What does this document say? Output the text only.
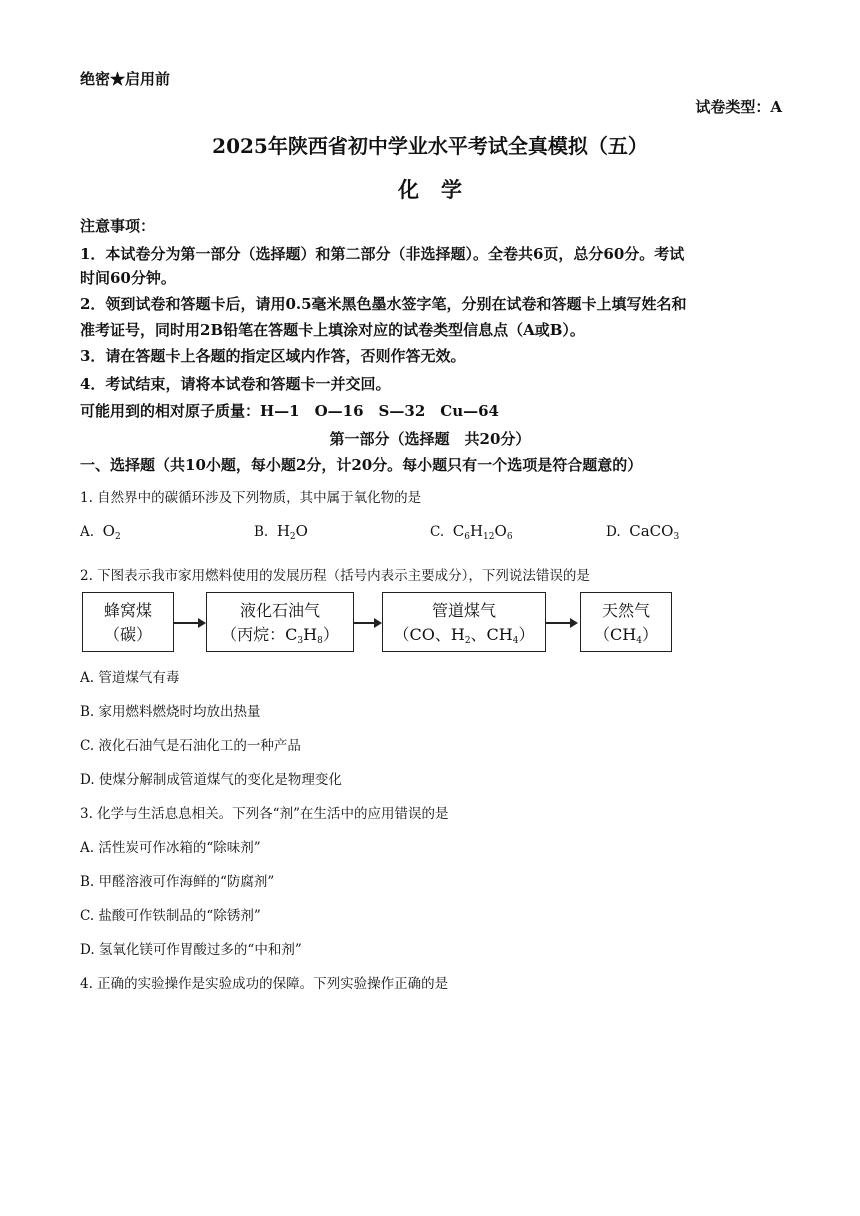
绝密★启用前
试卷类型：A
2025年陕西省初中学业水平考试全真模拟（五）
化学
注意事项：
1．本试卷分为第一部分（选择题）和第二部分（非选择题）。全卷共6页，总分60分。考试
时间60分钟。
2．领到试卷和答题卡后，请用0.5毫米黑色墨水签字笔，分别在试卷和答题卡上填写姓名和
准考证号，同时用2B铅笔在答题卡上填涂对应的试卷类型信息点（A或B）。
3．请在答题卡上各题的指定区域内作答，否则作答无效。
4．考试结束，请将本试卷和答题卡一并交回。
可能用到的相对原子质量：H—1　O—16　S—32　Cu—64
第一部分（选择题　共20分）
一、选择题（共10小题，每小题2分，计20分。每小题只有一个选项是符合题意的）
1. 自然界中的碳循环涉及下列物质，其中属于氧化物的是
A. $O_2$	B. $H_2O$	C. $C_6H_{12}O_6$	D. CaCO$_3$
2. 下图表示我市家用燃料使用的发展历程（括号内表示主要成分），下列说法错误的是
蜂窝煤
（碳）
液化石油气
（丙烷：$C_3H_8$）
管道煤气
（CO、$H_2$、$CH_4$）
天然气
$(CH_4)$
A. 管道煤气有毒
B. 家用燃料燃烧时均放出热量
C. 液化石油气是石油化工的一种产品
D. 使煤分解制成管道煤气的变化是物理变化
3. 化学与生活息息相关。下列各“剂”在生活中的应用错误的是
A. 活性炭可作冰箱的“除味剂”
B. 甲醛溶液可作海鲜的“防腐剂”
C. 盐酸可作铁制品的“除锈剂”
D. 氢氧化镁可作胃酸过多的“中和剂”
4. 正确的实验操作是实验成功的保障。下列实验操作正确的是
